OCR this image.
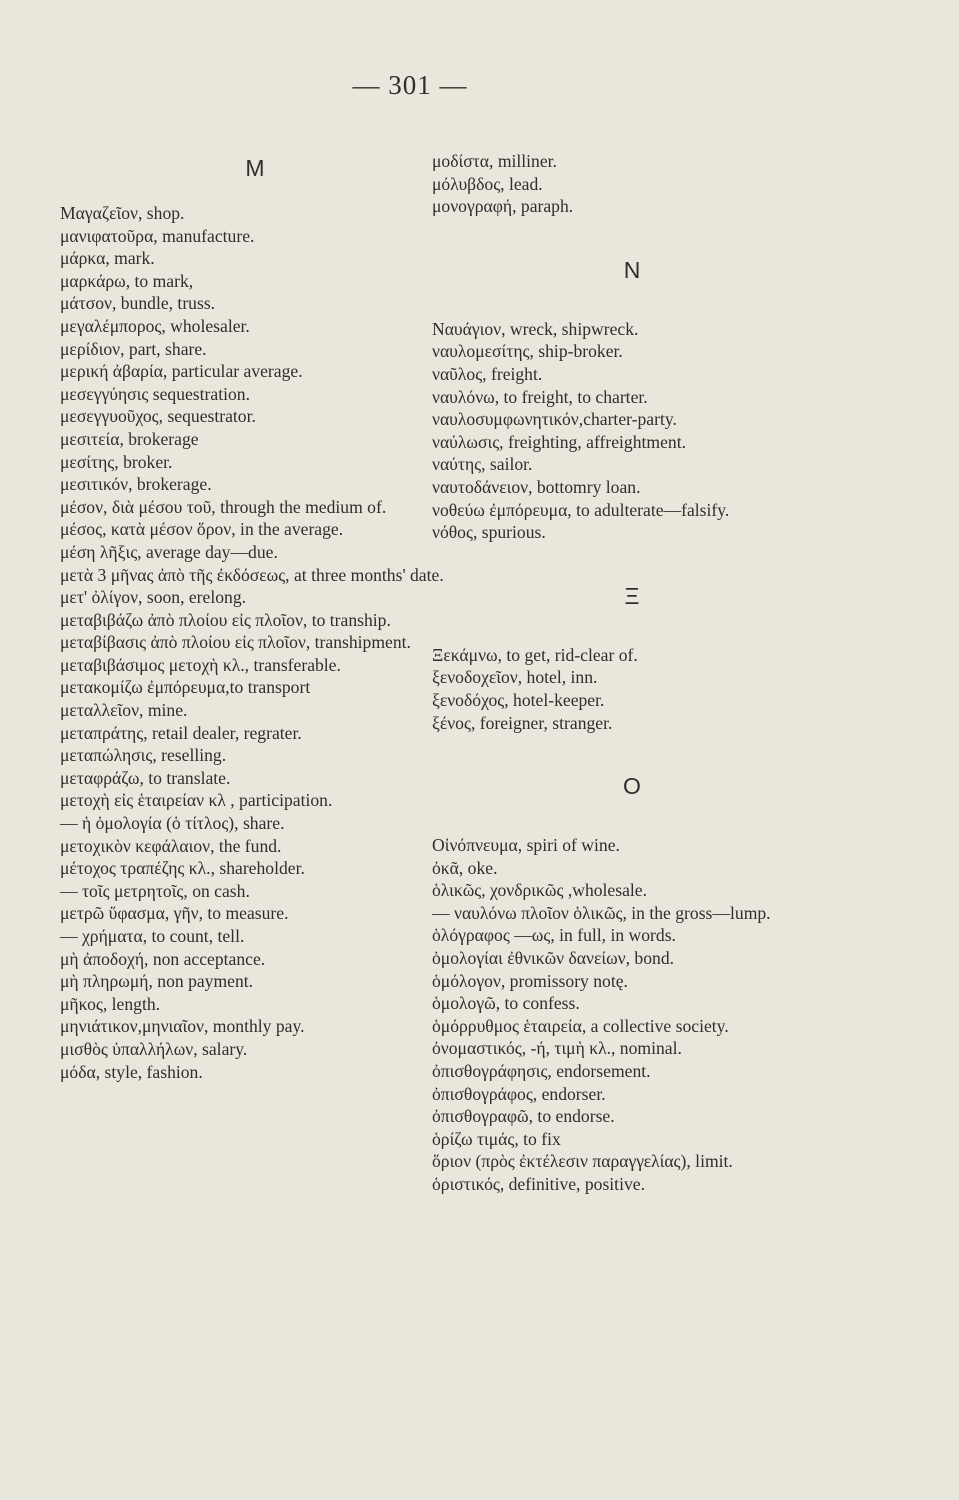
— 301 —
M
Μαγαζεῖον, shop.
μανιφατοῦρα, manufacture.
μάρκα, mark.
μαρκάρω, to mark,
μάτσον, bundle, truss.
μεγαλέμπορος, wholesaler.
μερίδιον, part, share.
μερική ἀβαρία, particular average.
μεσεγγύησις sequestration.
μεσεγγυοῦχος, sequestrator.
μεσιτεία, brokerage
μεσίτης, broker.
μεσιτικόν, brokerage.
μέσον, διὰ μέσου τοῦ, through the medium of.
μέσος, κατὰ μέσον ὅρον, in the average.
μέση λῆξις, average day—due.
μετὰ 3 μῆνας ἀπὸ τῆς ἐκδόσεως, at three months' date.
μετ' ὀλίγον, soon, erelong.
μεταβιβάζω ἀπὸ πλοίου εἰς πλοῖον, to tranship.
μεταβίβασις ἀπὸ πλοίου εἰς πλοῖον, transhipment.
μεταβιβάσιμος μετοχὴ κλ., transferable.
μετακομίζω ἐμπόρευμα,to transport
μεταλλεῖον, mine.
μεταπράτης, retail dealer, regrater.
μεταπώλησις, reselling.
μεταφράζω, to translate.
μετοχὴ εἰς ἑταιρείαν κλ , participation.
— ἡ ὁμολογία (ὁ τίτλος), share.
μετοχικὸν κεφάλαιον, the fund.
μέτοχος τραπέζης κλ., shareholder.
— τοῖς μετρητοῖς, on cash.
μετρῶ ὕφασμα, γῆν, to measure.
— χρήματα, to count, tell.
μὴ ἀποδοχή, non acceptance.
μὴ πληρωμή, non payment.
μῆκος, length.
μηνιάτικον,μηνιαῖον, monthly pay.
μισθὸς ὑπαλλήλων, salary.
μόδα, style, fashion.
μοδίστα, milliner.
μόλυβδος, lead.
μονογραφή, paraph.
N
Ναυάγιον, wreck, shipwreck.
ναυλομεσίτης, ship-broker.
ναῦλος, freight.
ναυλόνω, to freight, to charter.
ναυλοσυμφωνητικόν,charter-party.
ναύλωσις, freighting, affreightment.
ναύτης, sailor.
ναυτοδάνειον, bottomry loan.
νοθεύω ἐμπόρευμα, to adulterate—falsify.
νόθος, spurious.
Ξ
Ξεκάμνω, to get, rid-clear of.
ξενοδοχεῖον, hotel, inn.
ξενοδόχος, hotel-keeper.
ξένος, foreigner, stranger.
O
Οἰνόπνευμα, spiri of wine.
ὀκᾶ, oke.
ὁλικῶς, χονδρικῶς ,wholesale.
— ναυλόνω πλοῖον ὁλικῶς, in the gross—lump.
ὁλόγραφος —ως, in full, in words.
ὁμολογίαι ἐθνικῶν δανείων, bond.
ὁμόλογον, promissory notę.
ὁμολογῶ, to confess.
ὁμόρρυθμος ἑταιρεία, a collective society.
ὀνομαστικός, -ή, τιμὴ κλ., nominal.
ὀπισθογράφησις, endorsement.
ὀπισθογράφος, endorser.
ὀπισθογραφῶ, to endorse.
ὁρίζω τιμάς, to fix
ὅριον (πρὸς ἐκτέλεσιν παραγγελίας), limit.
ὁριστικός, definitive, positive.
